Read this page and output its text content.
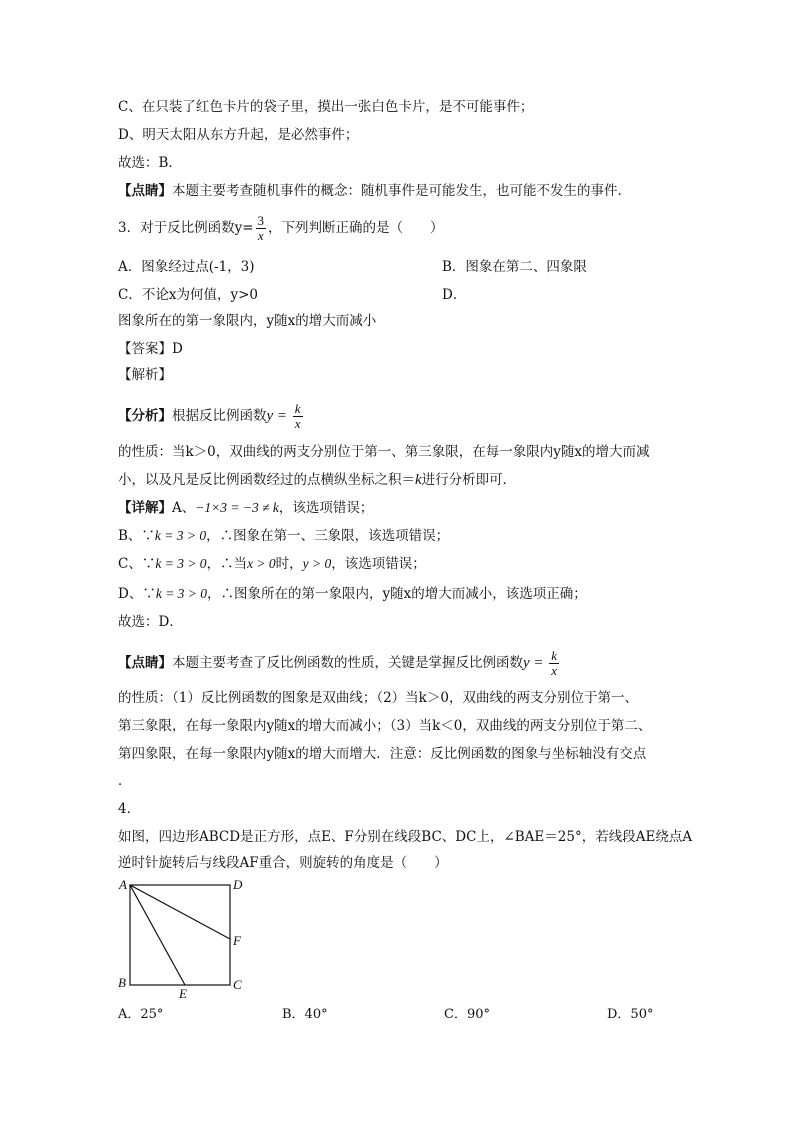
C、在只装了红色卡片的袋子里，摸出一张白色卡片，是不可能事件；
D、明天太阳从东方升起，是必然事件；
故选：B．
【点睛】本题主要考查随机事件的概念：随机事件是可能发生，也可能不发生的事件．
3．对于反比例函数$y= \frac{3}{x}$ ，下列判断正确的是（　　）
A．图象经过点(-1，3)	B．图象在第二、四象限
C．不论x为何值，y>0	D．
图象所在的第一象限内，y随x的增大而减小
【答案】D
【解析】
【分析】根据反比例函数$y = \frac{k}{x}$
的性质：当k＞0，双曲线的两支分别位于第一、第三象限，在每一象限内y随x的增大而减
小，以及凡是反比例函数经过的点横纵坐标之积＝k进行分析即可．
【详解】A、−1×3 = −3 ≠ k，该选项错误；
B、∵k = 3 > 0，∴图象在第一、三象限，该选项错误；
C、∵k = 3 > 0，∴当x > 0时，y > 0，该选项错误；
D、∵k = 3 > 0，∴图象所在的第一象限内，y随x的增大而减小，该选项正确；
故选：D．
【点睛】本题主要考查了反比例函数的性质，关键是掌握反比例函数$y = \frac{k}{x}$
的性质：（1）反比例函数的图象是双曲线；（2）当k＞0，双曲线的两支分别位于第一、
第三象限，在每一象限内y随x的增大而减小；（3）当k＜0，双曲线的两支分别位于第二、
第四象限，在每一象限内y随x的增大而增大．注意：反比例函数的图象与坐标轴没有交点
．
4．
如图，四边形ABCD是正方形，点E、F分别在线段BC、DC上，∠BAE＝25°，若线段AE绕点A
逆时针旋转后与线段AF重合，则旋转的角度是（　　）
A	D
B	C
E
F
A．25°	B．40°	C．90°	D．50°
